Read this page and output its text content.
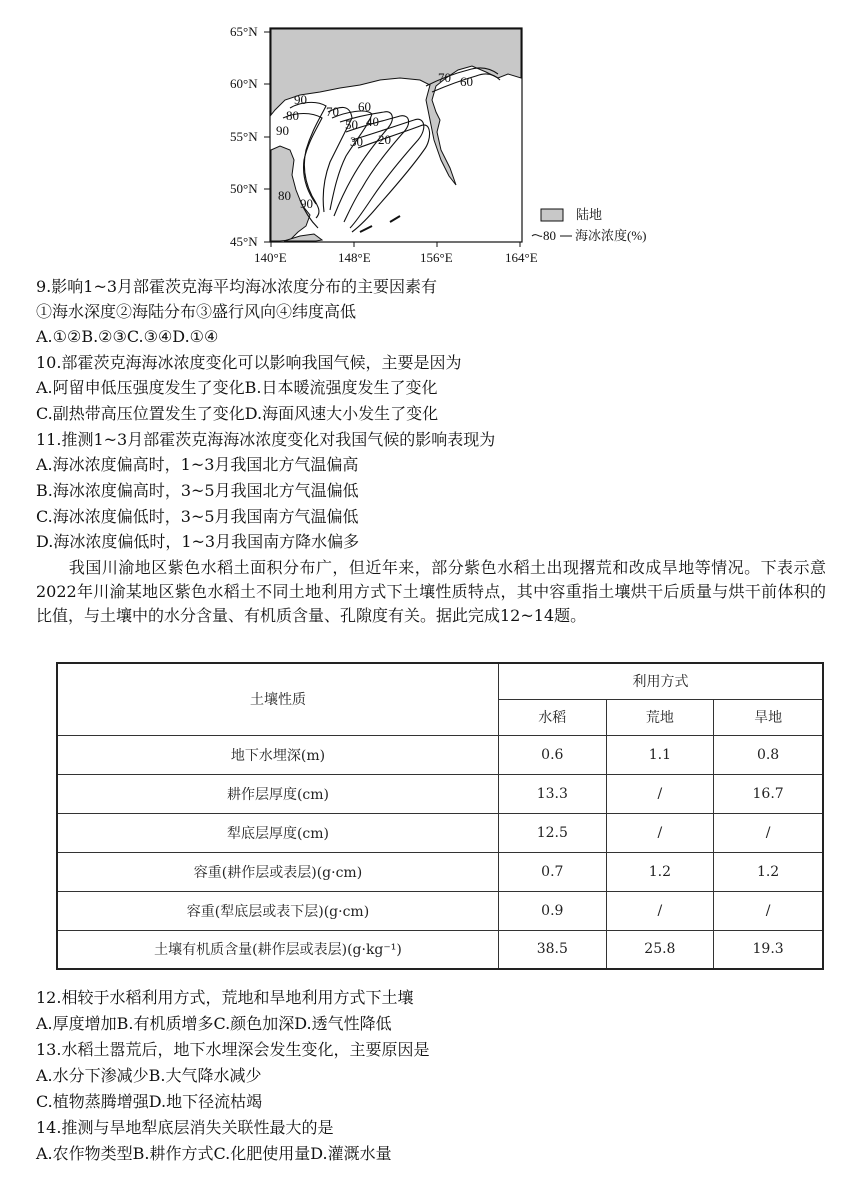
90
80
90
80
90
70 60
50 40
30 20
70 60
65°N
60°N
55°N
50°N
45°N
140°E	148°E	156°E	164°E
陆地
80 海冰浓度(%)
9.影响1~3月部霍茨克海平均海冰浓度分布的主要因素有
①海水深度②海陆分布③盛行风向④纬度高低
A.①②B.②③C.③④D.①④
10.部霍茨克海海冰浓度变化可以影响我国气候，主要是因为
A.阿留申低压强度发生了变化B.日本暖流强度发生了变化
C.副热带高压位置发生了变化D.海面风速大小发生了变化
11.推测1~3月部霍茨克海海冰浓度变化对我国气候的影响表现为
A.海冰浓度偏高时，1~3月我国北方气温偏高
B.海冰浓度偏高时，3~5月我国北方气温偏低
C.海冰浓度偏低时，3~5月我国南方气温偏低
D.海冰浓度偏低时，1~3月我国南方降水偏多

　　我国川渝地区紫色水稻土面积分布广，但近年来，部分紫色水稻土出现撂荒和改成旱地等情况。下表示意2022年川渝某地区紫色水稻土不同土地利用方式下土壤性质特点，其中容重指土壤烘干后质量与烘干前体积的比值，与土壤中的水分含量、有机质含量、孔隙度有关。据此完成12~14题。

土壤性质	利用方式		
	水稻	荒地	旱地
地下水埋深(m)	0.6	1.1	0.8
耕作层厚度(cm)	13.3	/	16.7
犁底层厚度(cm)	12.5	/	/
容重(耕作层或表层)(g·cm)	0.7	1.2	1.2
容重(犁底层或表下层)(g·cm)	0.9	/	/
土壤有机质含量(耕作层或表层)(g·kg⁻¹)	38.5	25.8	19.3
12.相较于水稻利用方式，荒地和旱地利用方式下土壤
A.厚度增加B.有机质增多C.颜色加深D.透气性降低
13.水稻土嚣荒后，地下水埋深会发生变化，主要原因是
A.水分下渗减少B.大气降水减少
C.植物蒸腾增强D.地下径流枯竭
14.推测与旱地犁底层消失关联性最大的是
A.农作物类型B.耕作方式C.化肥使用量D.灌溉水量
